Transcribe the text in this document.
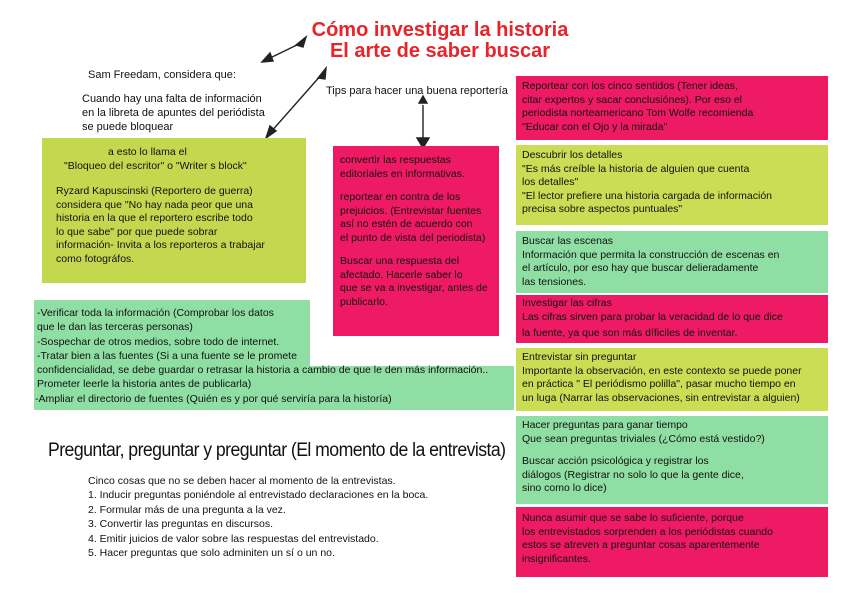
Cómo investigar la historia
El arte de saber buscar
Sam Freedam, considera que:
Cuando hay una falta de información
en la libreta de apuntes del periódista
se puede bloquear
Tips para hacer una buena reportería
a esto lo llama el
"Bloqueo del escritor" o "Writer s block"
Ryzard Kapuscinski (Reportero de guerra)
considera que "No hay nada peor que una
historia en la que el reportero escribe todo
lo que sabe" por que puede sobrar
información- Invita a los reporteros a trabajar
como fotográfos.
convertir las respuestas
editoriales en informativas.
reportear en contra de los
prejuicios. (Entrevistar fuentes
así no estén de acuerdo con
el punto de vista del periodista)
Buscar una respuesta del
afectado. Hacerle saber lo
que se va a investigar, antes de
publicarlo.
-Verificar toda la información (Comprobar los datos
que le dan las terceras personas)
-Sospechar de otros medios, sobre todo de internet.
-Tratar bien a las fuentes (Si a una fuente se le promete
confidencialidad, se debe guardar o retrasar la historia a cambio de que le den más información..
Prometer leerle la historia antes de publicarla)
-Ampliar el directorio de fuentes (Quién es y por qué serviría para la historía)
Preguntar, preguntar y preguntar (El momento de la entrevista)
Cinco cosas que no se deben hacer al momento de la entrevistas.
1. Inducir preguntas poniéndole al entrevistado declaraciones en la boca.
2. Formular más de una pregunta a la vez.
3. Convertir las preguntas en discursos.
4. Emitir juicios de valor sobre las respuestas del entrevistado.
5. Hacer preguntas que solo adminiten un sí o un no.
Reportear con los cinco sentidos (Tener ideas,
citar expertos y sacar conclusiónes). Por eso el
periodista norteamericano Tom Wolfe recomienda
"Educar con el Ojo y la mirada"
Descubrir los detalles
"Es más creíble la historia de alguien que cuenta
los detalles"
"El lector prefiere una historia cargada de información
precisa sobre aspectos puntuales"
Buscar las escenas
Información que permita la construcción de escenas en
el artículo, por eso hay que buscar delieradamente
las tensiones.
Investigar las cifras
Las cifras sirven para probar la veracidad de lo que dice
la fuente, ya que son más díficiles de inventar.
Entrevistar sin preguntar
Importante la observación, en este contexto se puede poner
en práctica " El periódismo polilla", pasar mucho tiempo en
un luga (Narrar las observaciones, sin entrevistar a alguien)
Hacer preguntas para ganar tiempo
Que sean preguntas triviales (¿Cómo está vestido?)
Buscar acción psicológica y registrar los
diálogos (Registrar no solo lo que la gente dice,
sino como lo dice)
Nunca asumir que se sabe lo suficiente, porque
los entrevistados sorprenden a los periódistas cuando
estos se atreven a preguntar cosas aparentemente
insignificantes.
